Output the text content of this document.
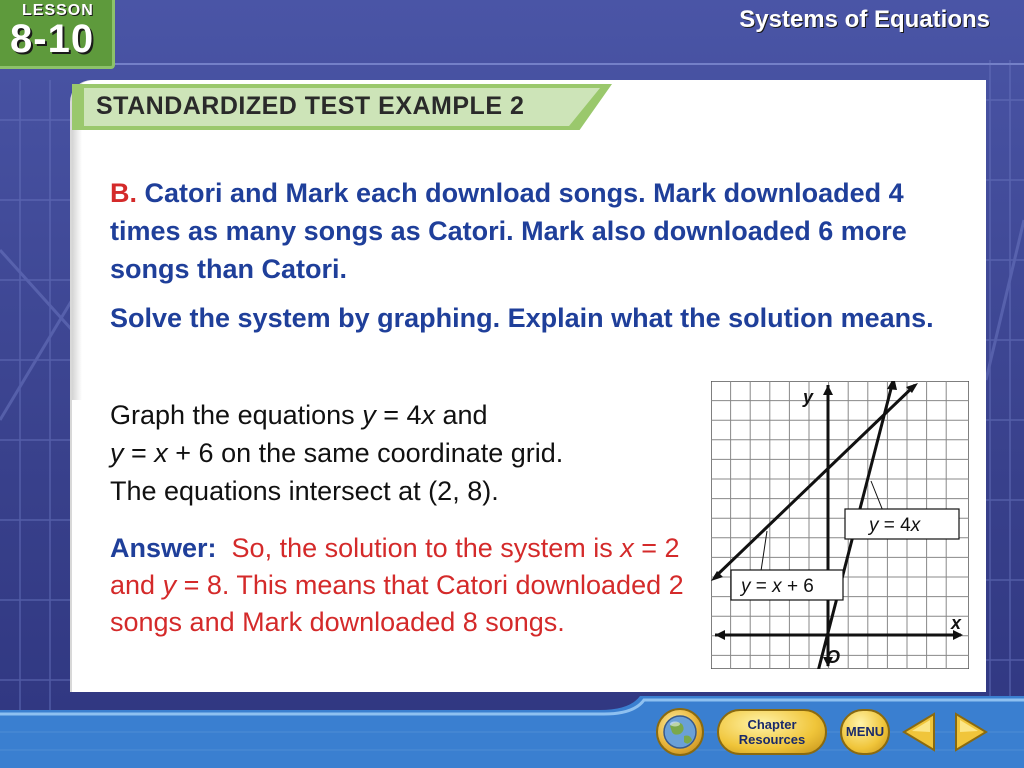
LESSON
8-10	Systems of Equations
STANDARDIZED TEST EXAMPLE 2
B. Catori and Mark each download songs. Mark downloaded 4 times as many songs as Catori. Mark also downloaded 6 more songs than Catori.
Solve the system by graphing. Explain what the solution means.
Graph the equations y = 4x and
y = x + 6 on the same coordinate grid.
The equations intersect at (2, 8).
Answer: So, the solution to the system is x = 2 and y = 8. This means that Catori downloaded 2 songs and Mark downloaded 8 songs.
y
x
O
y = 4x
y = x + 6
Chapter
Resources
MENU
